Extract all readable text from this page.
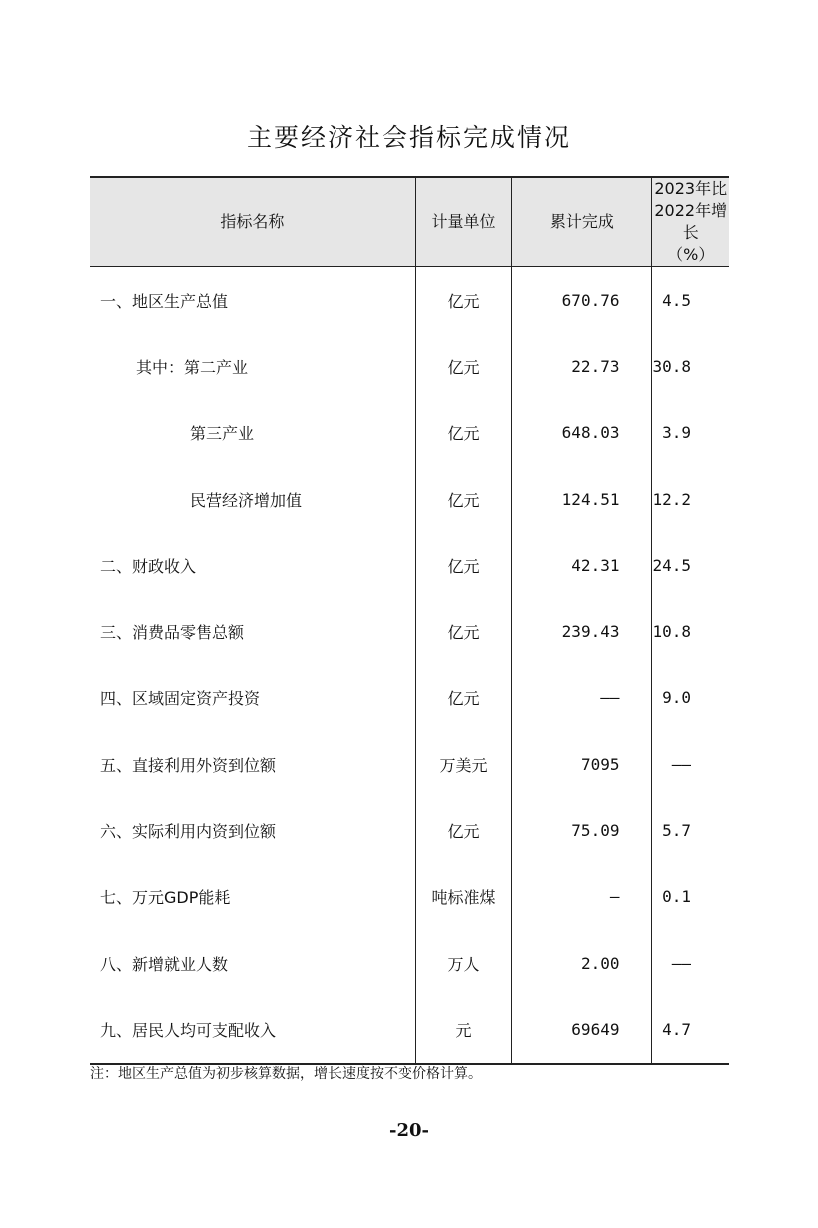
主要经济社会指标完成情况
指标名称	计量单位	累计完成	2023年比
2022年增长
（%）

一、地区生产总值	亿元	670.76	4.5
其中：第二产业	亿元	22.73	30.8
第三产业	亿元	648.03	3.9
民营经济增加值	亿元	124.51	12.2
二、财政收入	亿元	42.31	24.5
三、消费品零售总额	亿元	239.43	10.8
四、区域固定资产投资	亿元	——	9.0
五、直接利用外资到位额	万美元	7095	——
六、实际利用内资到位额	亿元	75.09	5.7
七、万元GDP能耗	吨标准煤	—	0.1
八、新增就业人数	万人	2.00	——
九、居民人均可支配收入	元	69649	4.7
注：地区生产总值为初步核算数据，增长速度按不变价格计算。
-20-
